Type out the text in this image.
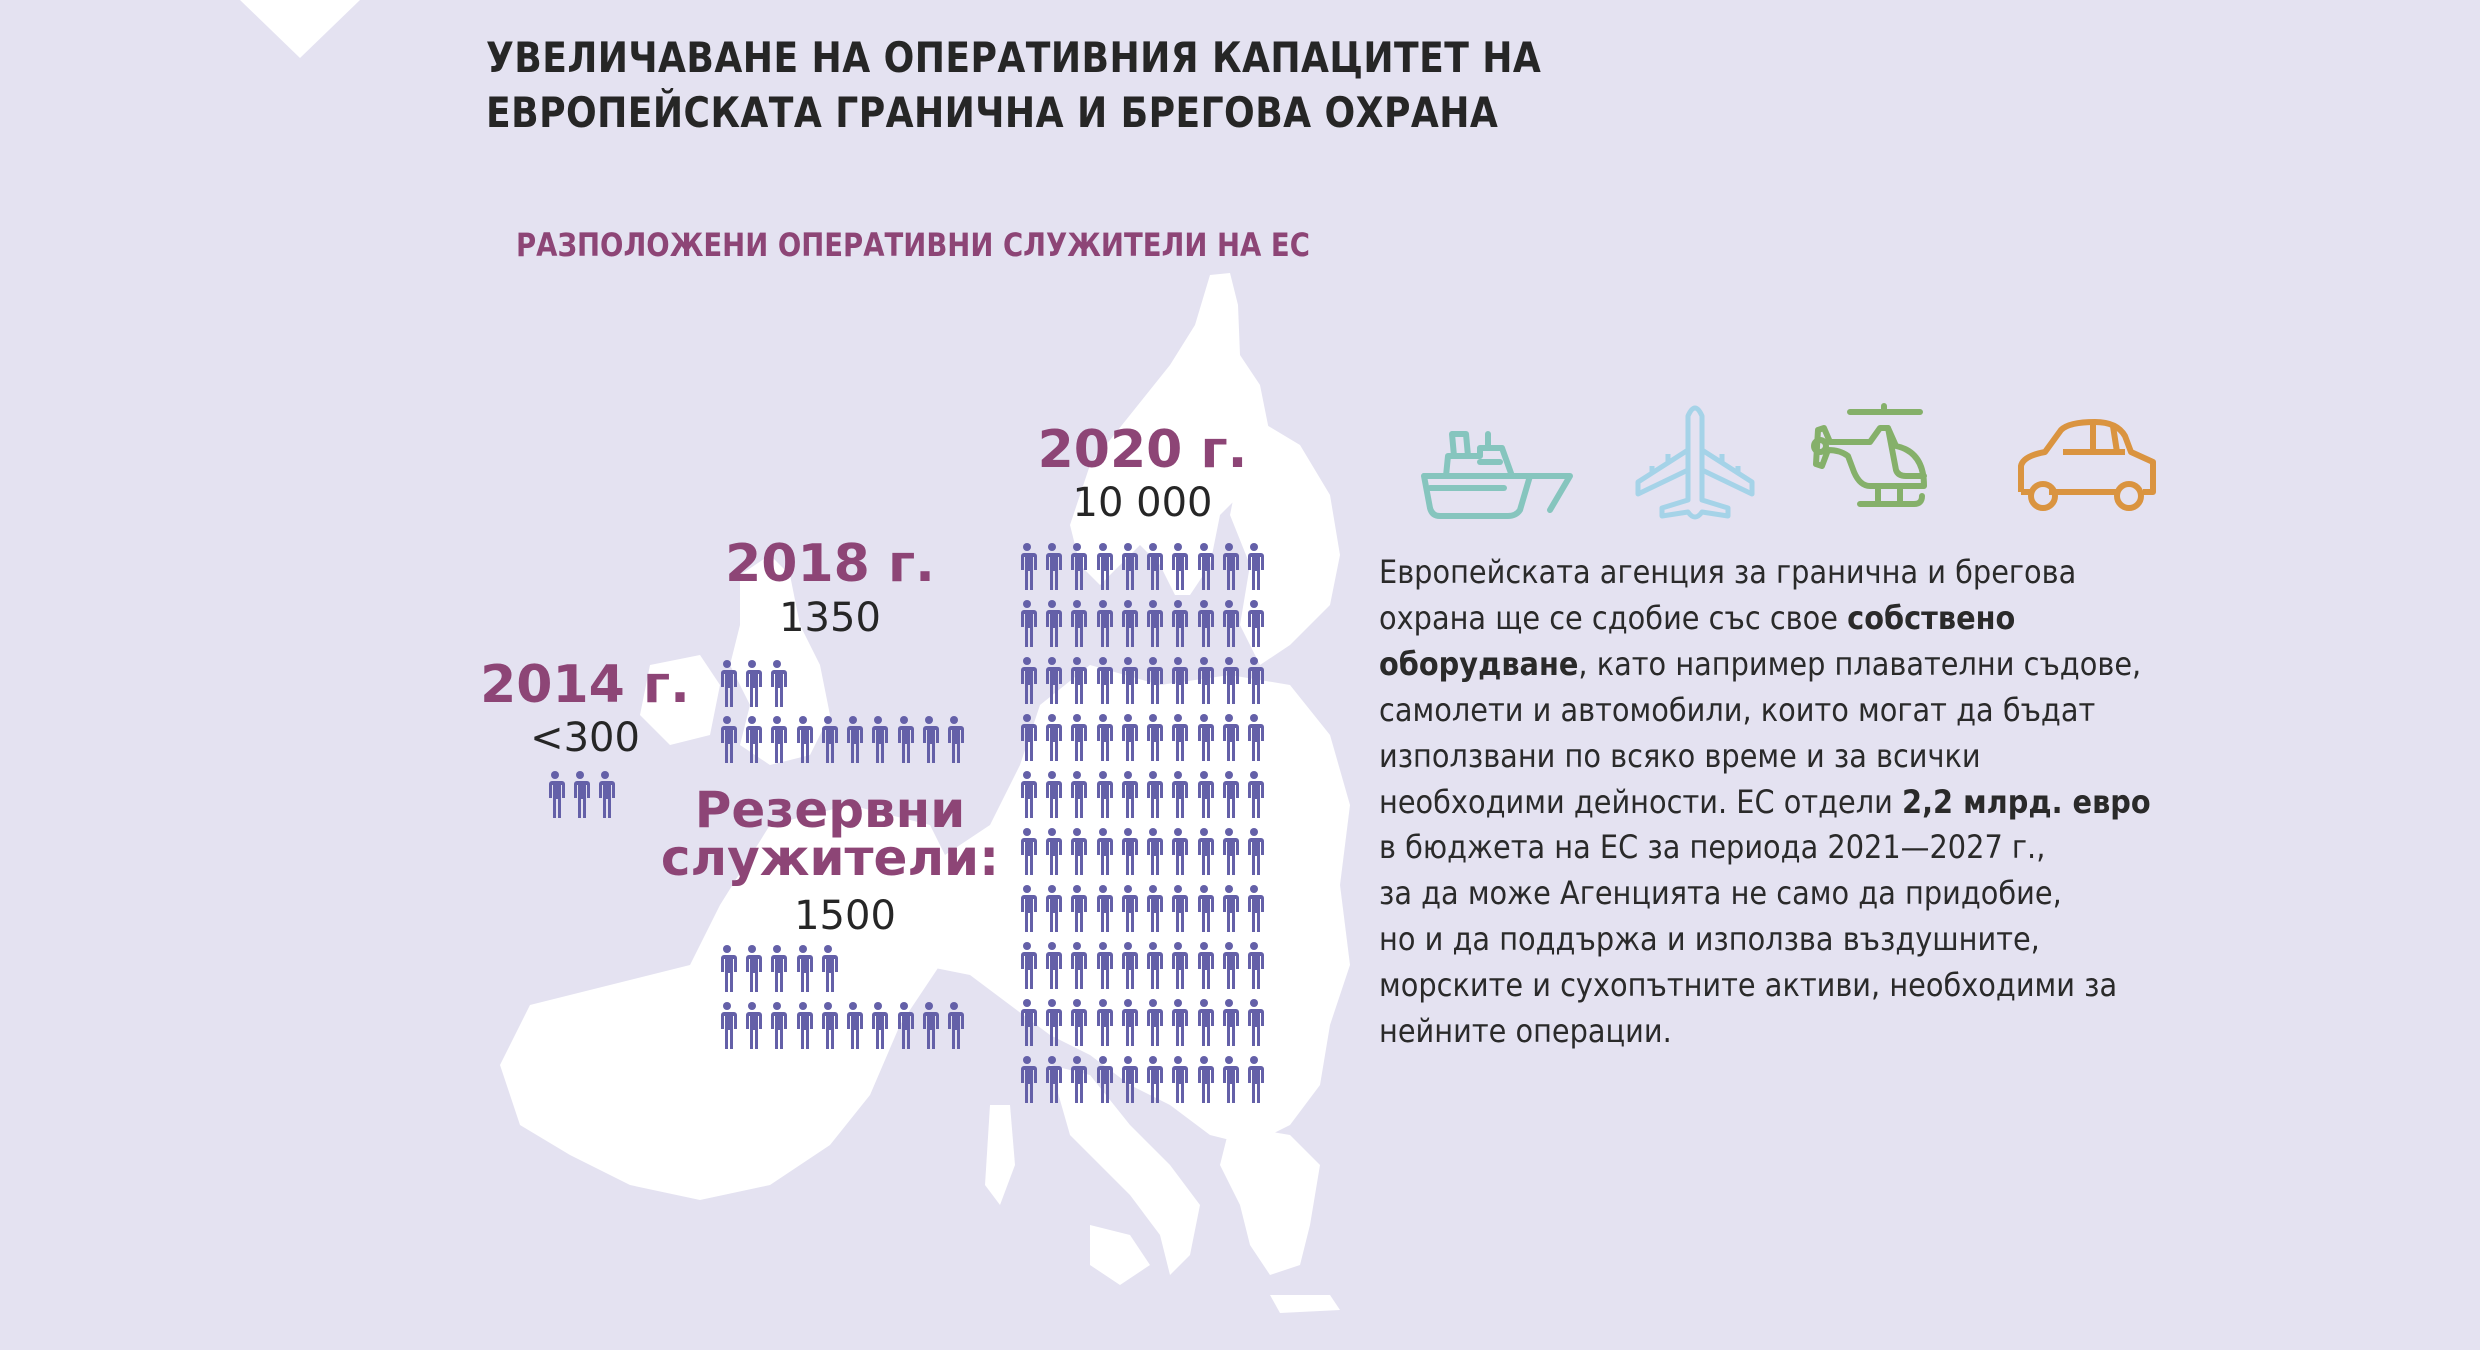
УВЕЛИЧАВАНЕ НА ОПЕРАТИВНИЯ КАПАЦИТЕТ НА
ЕВРОПЕЙСКАТА ГРАНИЧНА И БРЕГОВА ОХРАНА
РАЗПОЛОЖЕНИ ОПЕРАТИВНИ СЛУЖИТЕЛИ НА ЕС
2014 г.
<300
2018 г.
1350
Резервни
служители:
1500
2020 г.
10 000

Европейската агенция за гранична и брегова

охрана ще се сдобие със свое собствено

оборудване, като например плавателни съдове,

самолети и автомобили, които могат да бъдат

използвани по всяко време и за всички

необходими дейности. ЕС отдели 2,2 млрд. евро

в бюджета на ЕС за периода 2021—2027 г.,

за да може Агенцията не само да придобие,

но и да поддържа и използва въздушните,

морските и сухопътните активи, необходими за

нейните операции.
